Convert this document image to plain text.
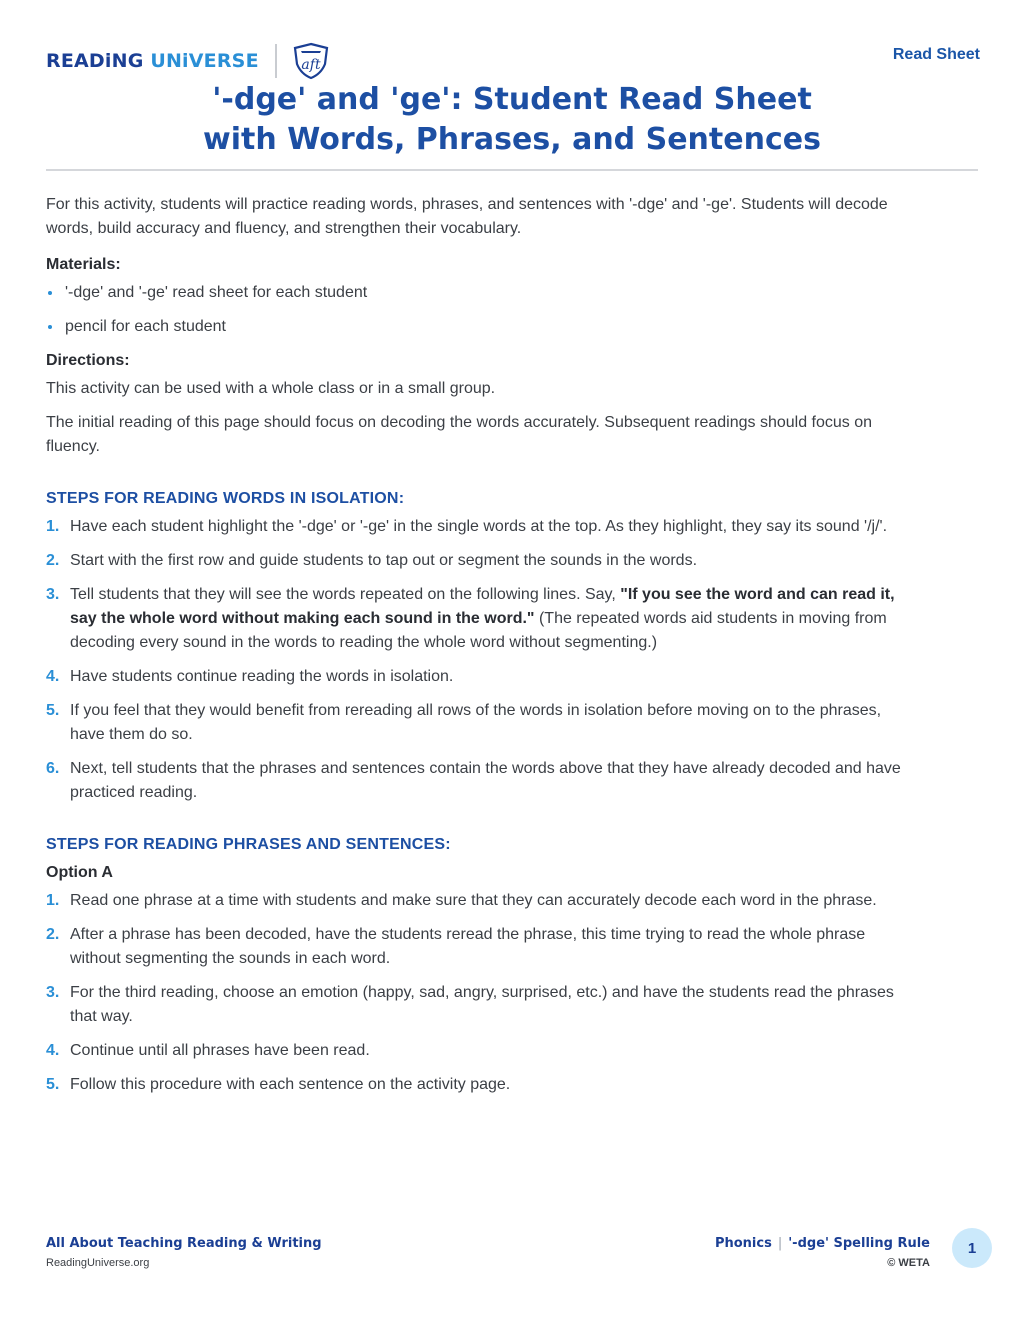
READiNG UNiVERSE	aft
Read Sheet
'-dge' and 'ge': Student Read Sheet
with Words, Phrases, and Sentences

For this activity, students will practice reading words, phrases, and sentences with '-dge' and '-ge'. Students will decode words, build accuracy and fluency, and strengthen their vocabulary.

Materials:

'-dge' and '-ge' read sheet for each student
pencil for each student

Directions:

This activity can be used with a whole class or in a small group.

The initial reading of this page should focus on decoding the words accurately. Subsequent readings should focus on fluency.

STEPS FOR READING WORDS IN ISOLATION:

1. Have each student highlight the '-dge' or '-ge' in the single words at the top. As they highlight, they say its sound '/j/'.
2. Start with the first row and guide students to tap out or segment the sounds in the words.
3. Tell students that they will see the words repeated on the following lines. Say, "If you see the word and can read it, say the whole word without making each sound in the word." (The repeated words aid students in moving from decoding every sound in the words to reading the whole word without segmenting.)
4. Have students continue reading the words in isolation.
5. If you feel that they would benefit from rereading all rows of the words in isolation before moving on to the phrases, have them do so.
6. Next, tell students that the phrases and sentences contain the words above that they have already decoded and have practiced reading.

STEPS FOR READING PHRASES AND SENTENCES:

Option A

1. Read one phrase at a time with students and make sure that they can accurately decode each word in the phrase.
2. After a phrase has been decoded, have the students reread the phrase, this time trying to read the whole phrase without segmenting the sounds in each word.
3. For the third reading, choose an emotion (happy, sad, angry, surprised, etc.) and have the students read the phrases that way.
4. Continue until all phrases have been read.
5. Follow this procedure with each sentence on the activity page.
All About Teaching Reading & Writing
ReadingUniverse.org
Phonics | '-dge' Spelling Rule
© WETA
1
